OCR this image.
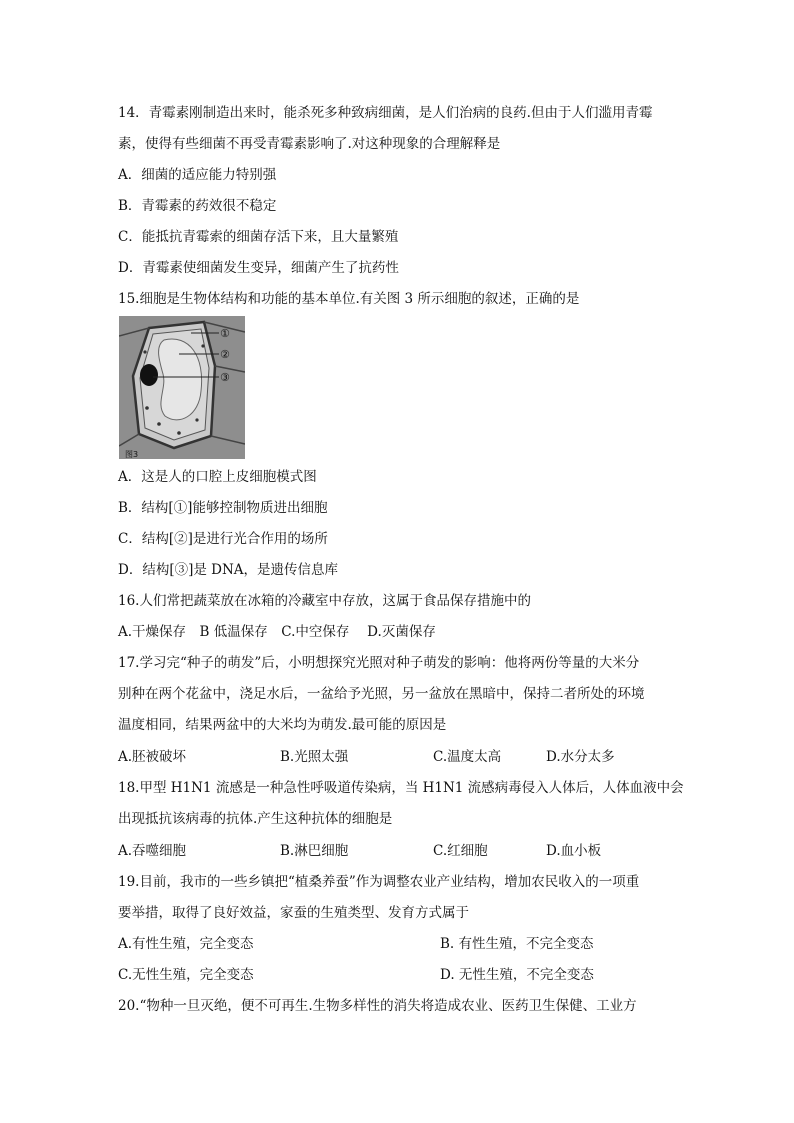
14．青霉素刚制造出来时，能杀死多种致病细菌，是人们治病的良药.但由于人们滥用青霉
素，使得有些细菌不再受青霉素影响了.对这种现象的合理解释是
A．细菌的适应能力特别强
B．青霉素的药效很不稳定
C．能抵抗青霉索的细菌存活下来，且大量繁殖
D．青霉素使细菌发生变异，细菌产生了抗药性
15.细胞是生物体结构和功能的基本单位.有关图 3 所示细胞的叙述，正确的是
①
②
③
图3
A．这是人的口腔上皮细胞模式图
B．结构[①]能够控制物质进出细胞
C．结构[②]是进行光合作用的场所
D．结构[③]是 DNA，是遗传信息库
16.人们常把蔬菜放在冰箱的冷藏室中存放，这属于食品保存措施中的
A.干燥保存　B 低温保存　C.中空保存　 D.灭菌保存
17.学习完“种子的萌发”后，小明想探究光照对种子萌发的影响：他将两份等量的大米分
别种在两个花盆中，浇足水后，一盆给予光照，另一盆放在黑暗中，保持二者所处的环境
温度相同，结果两盆中的大米均为萌发.最可能的原因是
A.胚被破坏	B.光照太强	C.温度太高	D.水分太多
18.甲型 H1N1 流感是一种急性呼吸道传染病，当 H1N1 流感病毒侵入人体后，人体血液中会
出现抵抗该病毒的抗体.产生这种抗体的细胞是
A.吞噬细胞	B.淋巴细胞	C.红细胞	D.血小板
19.目前，我市的一些乡镇把“植桑养蚕”作为调整农业产业结构，增加农民收入的一项重
要举措，取得了良好效益，家蚕的生殖类型、发育方式属于
A.有性生殖，完全变态	B. 有性生殖，不完全变态
C.无性生殖，完全变态	D. 无性生殖，不完全变态
20.“物种一旦灭绝，便不可再生.生物多样性的消失将造成农业、医药卫生保健、工业方
